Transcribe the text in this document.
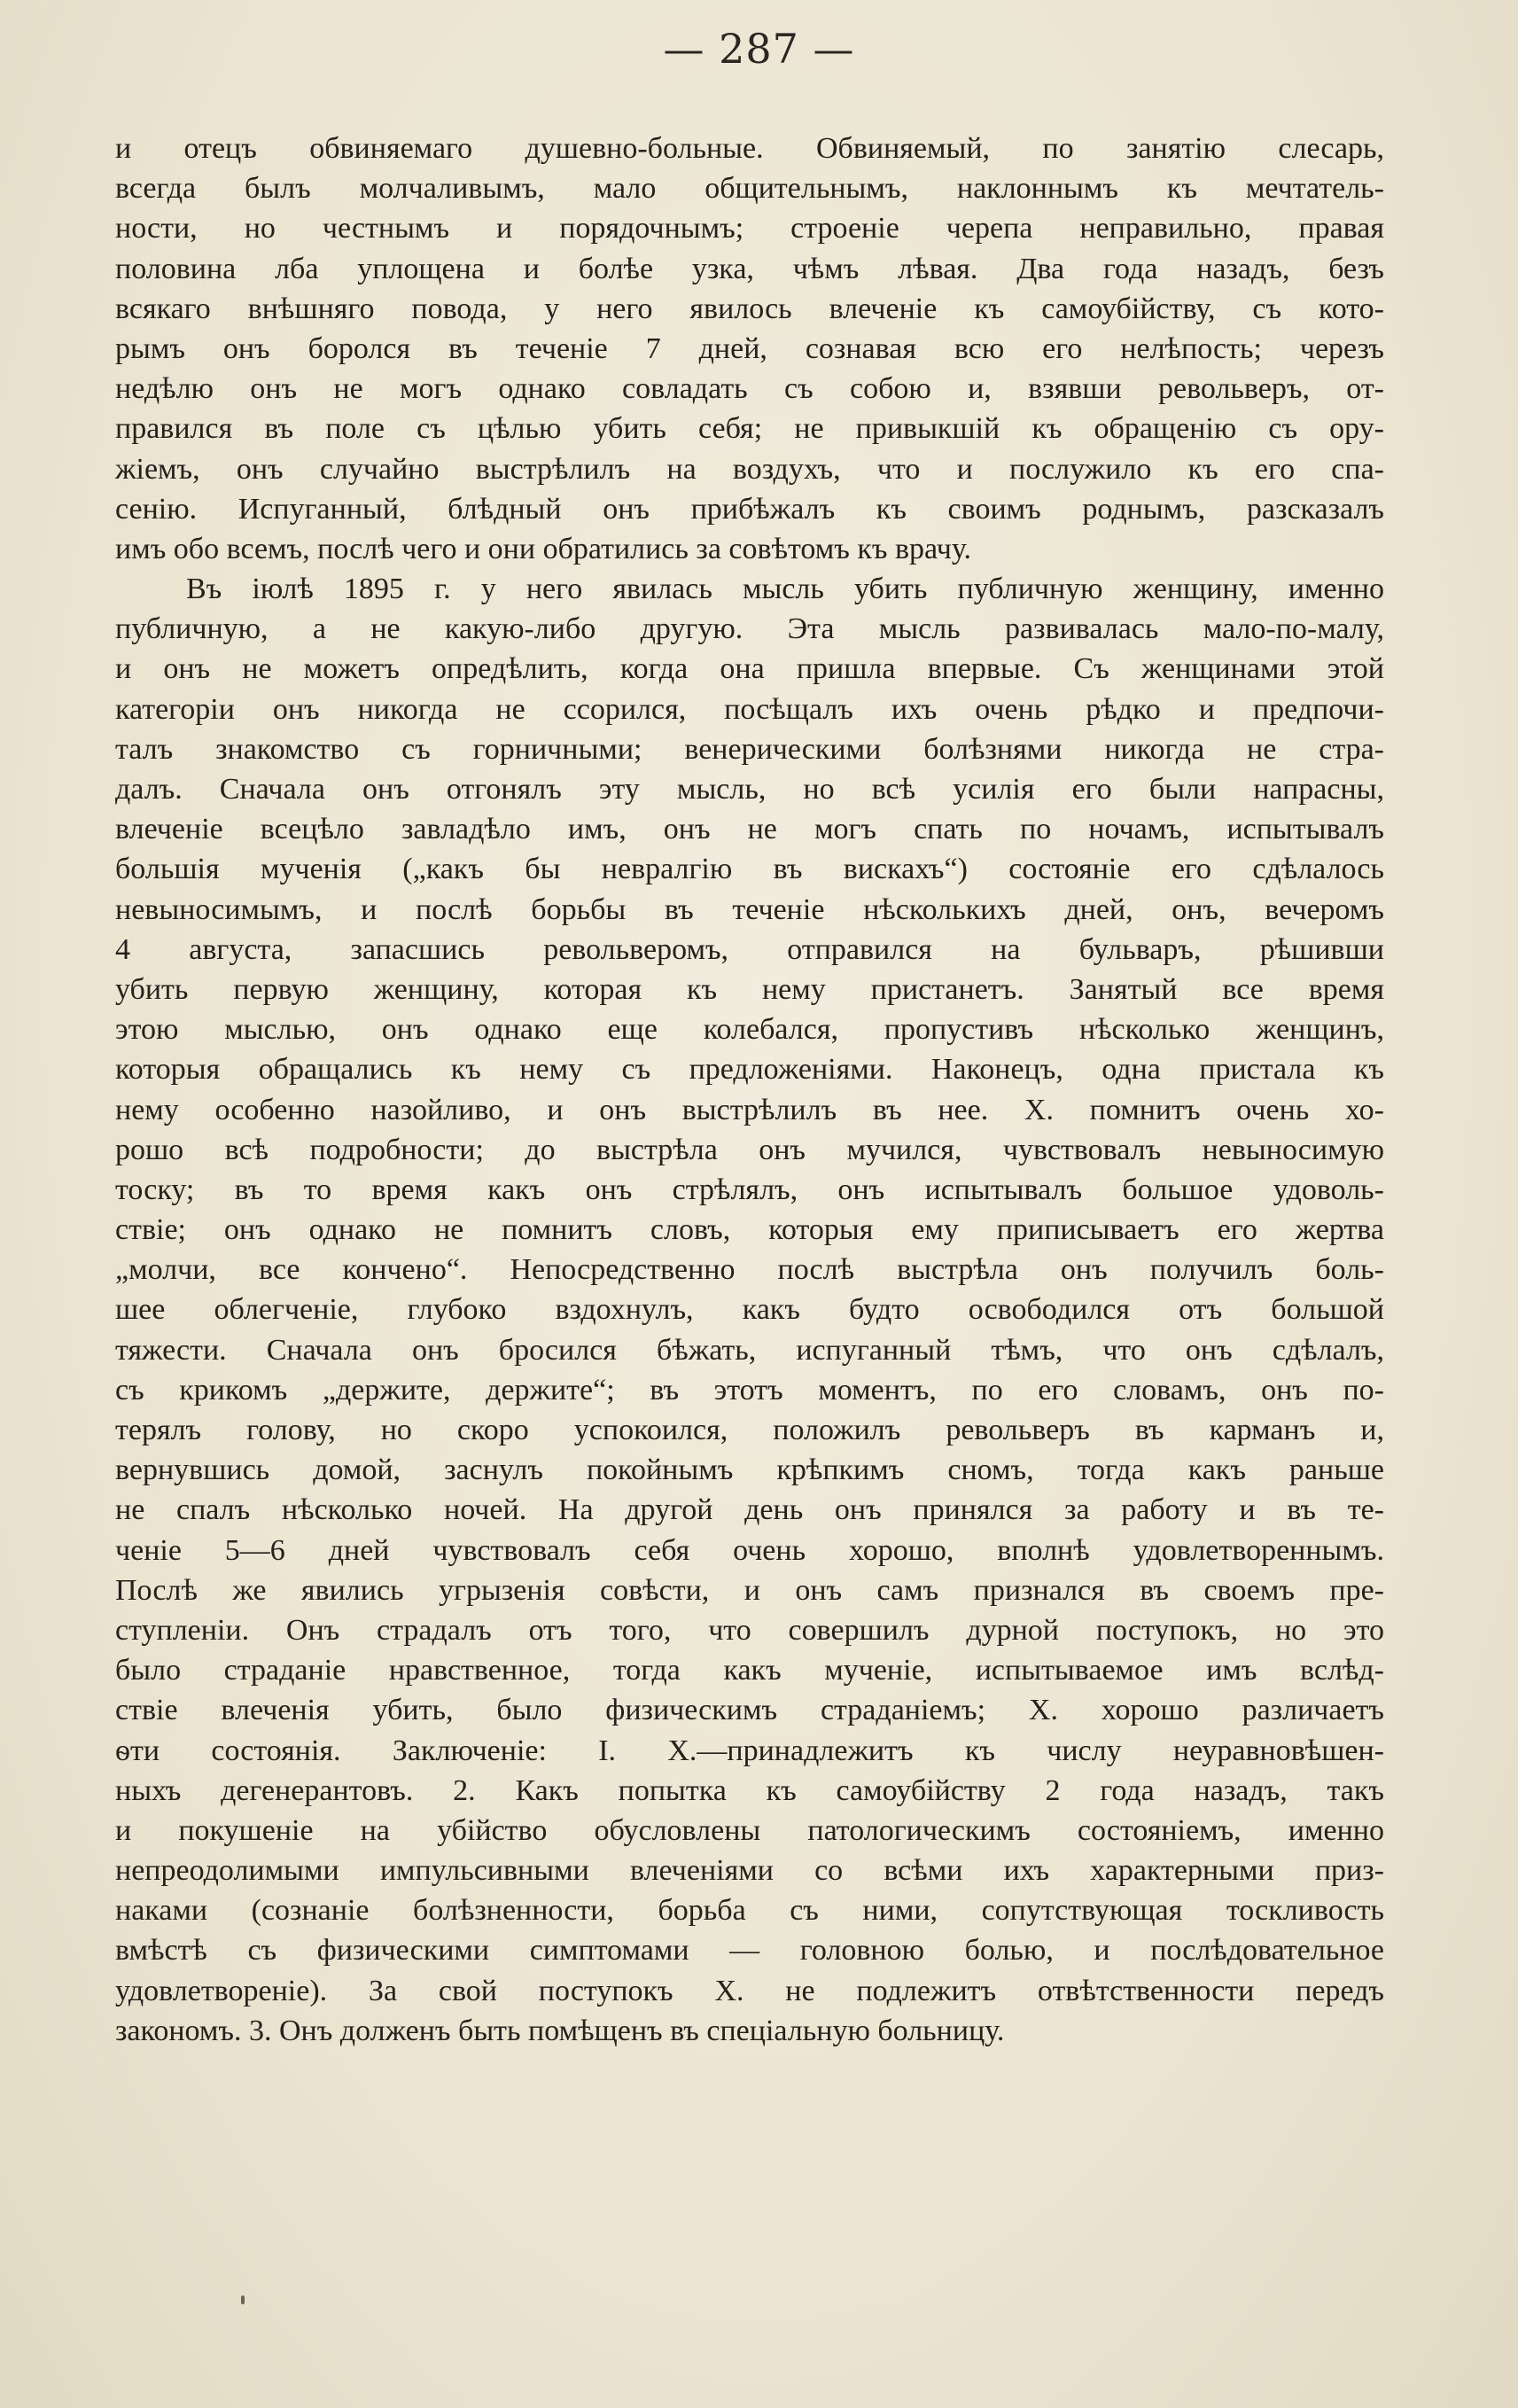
— 287 —
и отецъ обвиняемаго душевно-больные. Обвиняемый, по занятію слесарь,
всегда былъ молчаливымъ, мало общительнымъ, наклоннымъ къ мечтатель-
ности, но честнымъ и порядочнымъ; строеніе черепа неправильно, правая
половина лба уплощена и болѣе узка, чѣмъ лѣвая. Два года назадъ, безъ
всякаго внѣшняго повода, у него явилось влеченіе къ самоубійству, съ кото-
рымъ онъ боролся въ теченіе 7 дней, сознавая всю его нелѣпость; черезъ
недѣлю онъ не могъ однако совладать съ собою и, взявши револьверъ, от-
правился въ поле съ цѣлью убить себя; не привыкшій къ обращенію съ ору-
жіемъ, онъ случайно выстрѣлилъ на воздухъ, что и послужило къ его спа-
сенію. Испуганный, блѣдный онъ прибѣжалъ къ своимъ роднымъ, разсказалъ
имъ обо всемъ, послѣ чего и они обратились за совѣтомъ къ врачу.
Въ іюлѣ 1895 г. у него явилась мысль убить публичную женщину, именно
публичную, а не какую-либо другую. Эта мысль развивалась мало-по-малу,
и онъ не можетъ опредѣлить, когда она пришла впервые. Съ женщинами этой
категоріи онъ никогда не ссорился, посѣщалъ ихъ очень рѣдко и предпочи-
талъ знакомство съ горничными; венерическими болѣзнями никогда не стра-
далъ. Сначала онъ отгонялъ эту мысль, но всѣ усилія его были напрасны,
влеченіе всецѣло завладѣло имъ, онъ не могъ спать по ночамъ, испытывалъ
большія мученія („какъ бы невралгію въ вискахъ“) состояніе его сдѣлалось
невыносимымъ, и послѣ борьбы въ теченіе нѣсколькихъ дней, онъ, вечеромъ
4 августа, запасшись револьверомъ, отправился на бульваръ, рѣшивши
убить первую женщину, которая къ нему пристанетъ. Занятый все время
этою мыслью, онъ однако еще колебался, пропустивъ нѣсколько женщинъ,
которыя обращались къ нему съ предложеніями. Наконецъ, одна пристала къ
нему особенно назойливо, и онъ выстрѣлилъ въ нее. Х. помнитъ очень хо-
рошо всѣ подробности; до выстрѣла онъ мучился, чувствовалъ невыносимую
тоску; въ то время какъ онъ стрѣлялъ, онъ испытывалъ большое удоволь-
ствіе; онъ однако не помнитъ словъ, которыя ему приписываетъ его жертва
„молчи, все кончено“. Непосредственно послѣ выстрѣла онъ получилъ боль-
шее облегченіе, глубоко вздохнулъ, какъ будто освободился отъ большой
тяжести. Сначала онъ бросился бѣжать, испуганный тѣмъ, что онъ сдѣлалъ,
съ крикомъ „держите, держите“; въ этотъ моментъ, по его словамъ, онъ по-
терялъ голову, но скоро успокоился, положилъ револьверъ въ карманъ и,
вернувшись домой, заснулъ покойнымъ крѣпкимъ сномъ, тогда какъ раньше
не спалъ нѣсколько ночей. На другой день онъ принялся за работу и въ те-
ченіе 5—6 дней чувствовалъ себя очень хорошо, вполнѣ удовлетвореннымъ.
Послѣ же явились угрызенія совѣсти, и онъ самъ признался въ своемъ пре-
ступленіи. Онъ страдалъ отъ того, что совершилъ дурной поступокъ, но это
было страданіе нравственное, тогда какъ мученіе, испытываемое имъ вслѣд-
ствіе влеченія убить, было физическимъ страданіемъ; Х. хорошо различаетъ
ѳти состоянія. Заключеніе: I. Х.—принадлежитъ къ числу неуравновѣшен-
ныхъ дегенерантовъ. 2. Какъ попытка къ самоубійству 2 года назадъ, такъ
и покушеніе на убійство обусловлены патологическимъ состояніемъ, именно
непреодолимыми импульсивными влеченіями со всѣми ихъ характерными приз-
наками (сознаніе болѣзненности, борьба съ ними, сопутствующая тоскливость
вмѣстѣ съ физическими симптомами — головною болью, и послѣдовательное
удовлетвореніе). За свой поступокъ Х. не подлежитъ отвѣтственности передъ
закономъ. 3. Онъ долженъ быть помѣщенъ въ спеціальную больницу.
